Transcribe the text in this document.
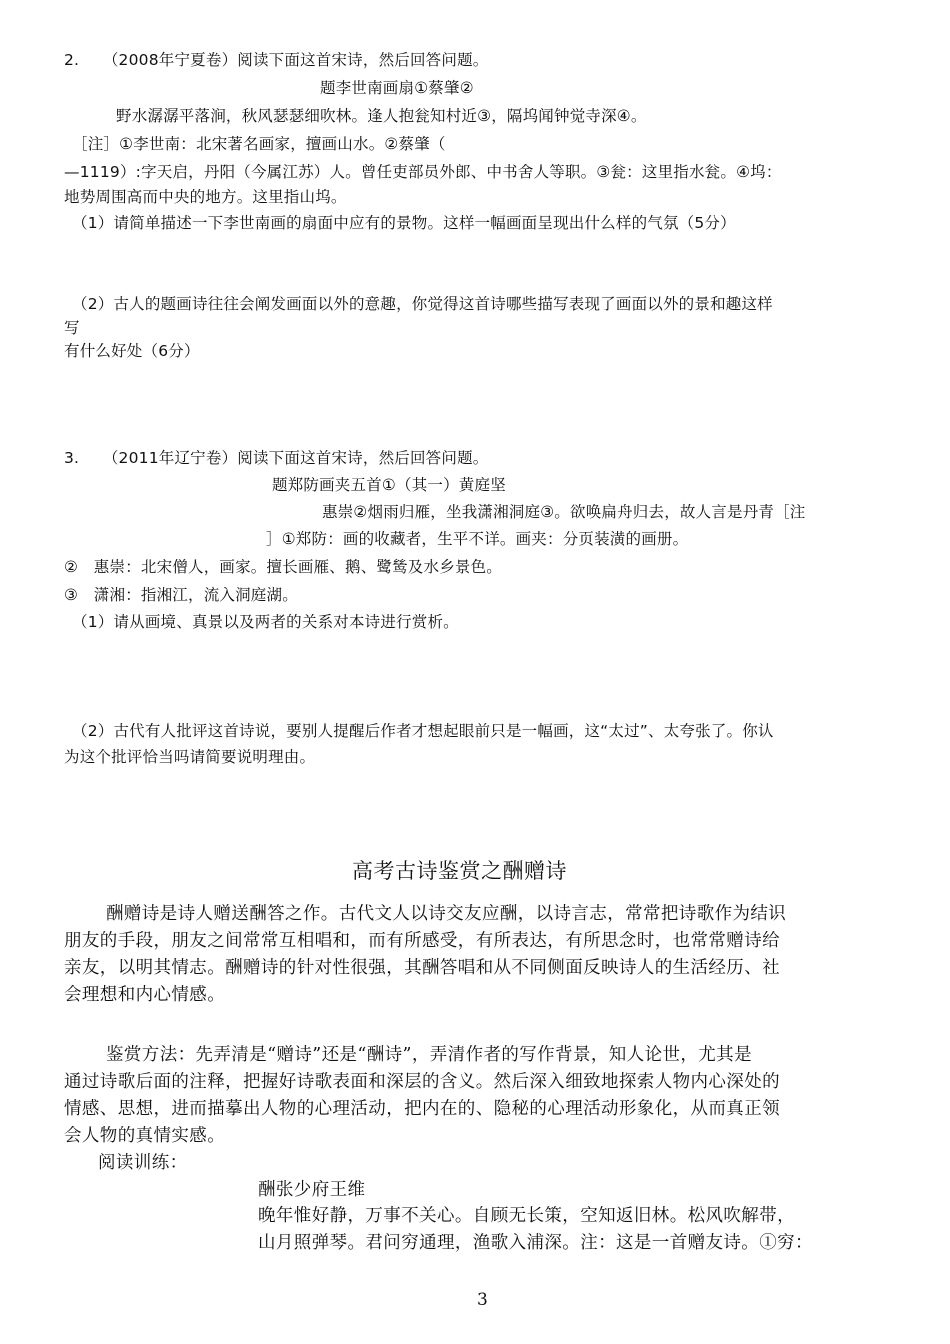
2.　　（2008年宁夏卷）阅读下面这首宋诗，然后回答问题。
题李世南画扇①蔡肇②
野水潺潺平落涧，秋风瑟瑟细吹林。逢人抱瓮知村近③，隔坞闻钟觉寺深④。
［注］①李世南：北宋著名画家，擅画山水。②蔡肇（
—1119）:字天启，丹阳（今属江苏）人。曾任吏部员外郎、中书舍人等职。③瓮：这里指水瓮。④坞：
地势周围高而中央的地方。这里指山坞。
（1）请简单描述一下李世南画的扇面中应有的景物。这样一幅画面呈现出什么样的气氛（5分）
（2）古人的题画诗往往会阐发画面以外的意趣，你觉得这首诗哪些描写表现了画面以外的景和趣这样
写
有什么好处（6分）
3.　　（2011年辽宁卷）阅读下面这首宋诗，然后回答问题。
题郑防画夹五首①（其一）黄庭坚
惠崇②烟雨归雁，坐我潇湘洞庭③。欲唤扁舟归去，故人言是丹青［注
］①郑防：画的收藏者，生平不详。画夹：分页装潢的画册。
②　惠崇：北宋僧人，画家。擅长画雁、鹅、鹭鸶及水乡景色。
③　潇湘：指湘江，流入洞庭湖。
（1）请从画境、真景以及两者的关系对本诗进行赏析。
（2）古代有人批评这首诗说，要别人提醒后作者才想起眼前只是一幅画，这“太过”、太夸张了。你认
为这个批评恰当吗请简要说明理由。
高考古诗鉴赏之酬赠诗
酬赠诗是诗人赠送酬答之作。古代文人以诗交友应酬，以诗言志，常常把诗歌作为结识
朋友的手段，朋友之间常常互相唱和，而有所感受，有所表达，有所思念时，也常常赠诗给
亲友，以明其情志。酬赠诗的针对性很强，其酬答唱和从不同侧面反映诗人的生活经历、社
会理想和内心情感。
鉴赏方法：先弄清是“赠诗”还是“酬诗”，弄清作者的写作背景，知人论世，尤其是
通过诗歌后面的注释，把握好诗歌表面和深层的含义。然后深入细致地探索人物内心深处的
情感、思想，进而描摹出人物的心理活动，把内在的、隐秘的心理活动形象化，从而真正领
会人物的真情实感。
阅读训练：
酬张少府王维
晚年惟好静，万事不关心。自顾无长策，空知返旧林。松风吹解带，
山月照弹琴。君问穷通理，渔歌入浦深。注：这是一首赠友诗。①穷：
3
